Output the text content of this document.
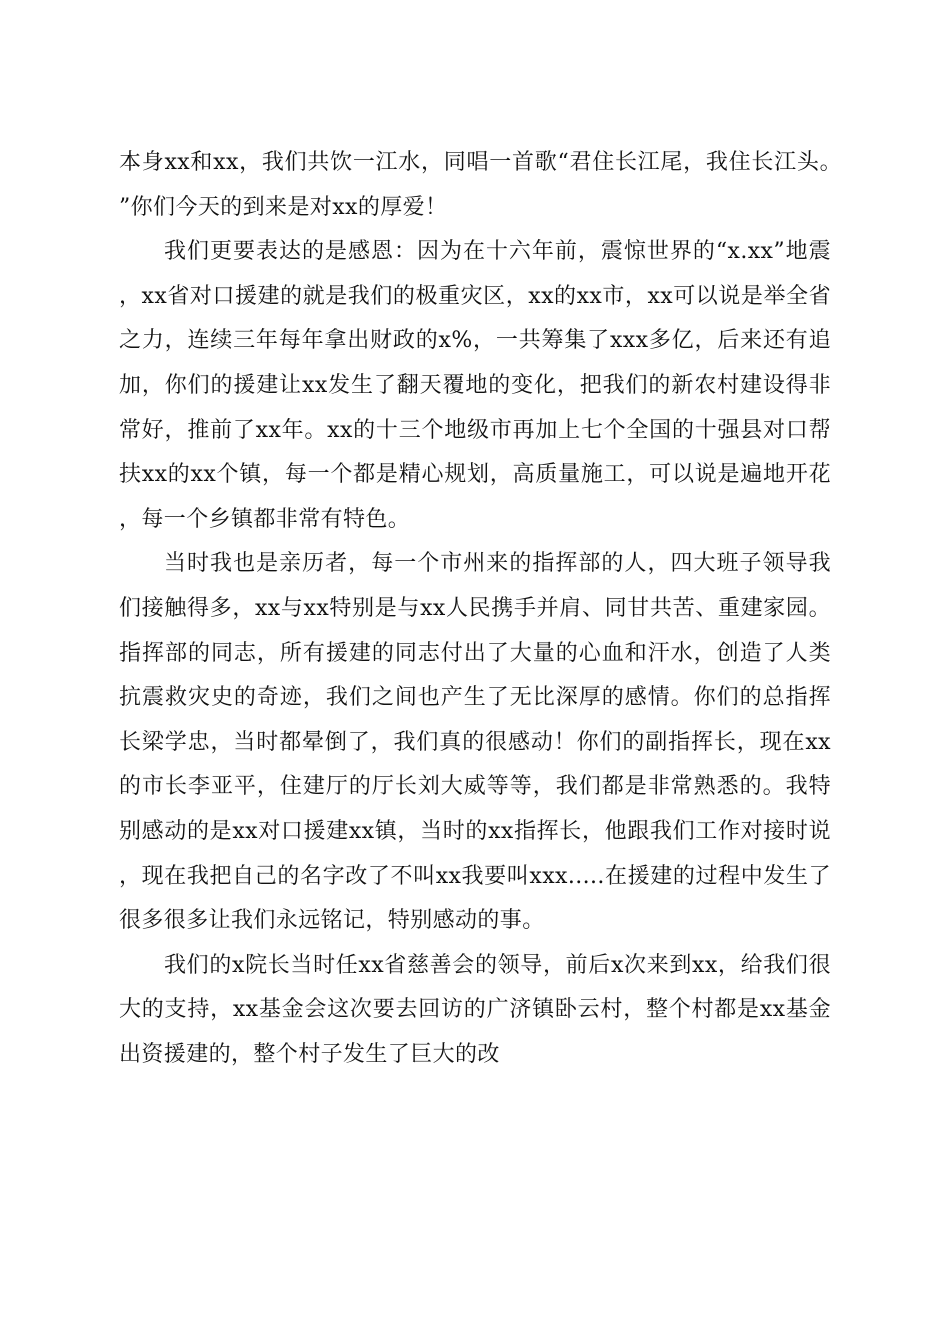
本身xx和xx，我们共饮一江水，同唱一首歌“君住长江尾，我住长江头。”你们今天的到来是对xx的厚爱！

我们更要表达的是感恩：因为在十六年前，震惊世界的“x.xx”地震，xx省对口援建的就是我们的极重灾区，xx的xx市，xx可以说是举全省之力，连续三年每年拿出财政的x%，一共筹集了xxx多亿，后来还有追加，你们的援建让xx发生了翻天覆地的变化，把我们的新农村建设得非常好，推前了xx年。xx的十三个地级市再加上七个全国的十强县对口帮扶xx的xx个镇，每一个都是精心规划，高质量施工，可以说是遍地开花，每一个乡镇都非常有特色。

当时我也是亲历者，每一个市州来的指挥部的人，四大班子领导我们接触得多，xx与xx特别是与xx人民携手并肩、同甘共苦、重建家园。指挥部的同志，所有援建的同志付出了大量的心血和汗水，创造了人类抗震救灾史的奇迹，我们之间也产生了无比深厚的感情。你们的总指挥长梁学忠，当时都晕倒了，我们真的很感动！你们的副指挥长，现在xx的市长李亚平，住建厅的厅长刘大威等等，我们都是非常熟悉的。我特别感动的是xx对口援建xx镇，当时的xx指挥长，他跟我们工作对接时说，现在我把自己的名字改了不叫xx我要叫xxx.....在援建的过程中发生了很多很多让我们永远铭记，特别感动的事。

我们的x院长当时任xx省慈善会的领导，前后x次来到xx，给我们很大的支持，xx基金会这次要去回访的广济镇卧云村，整个村都是xx基金出资援建的，整个村子发生了巨大的改
